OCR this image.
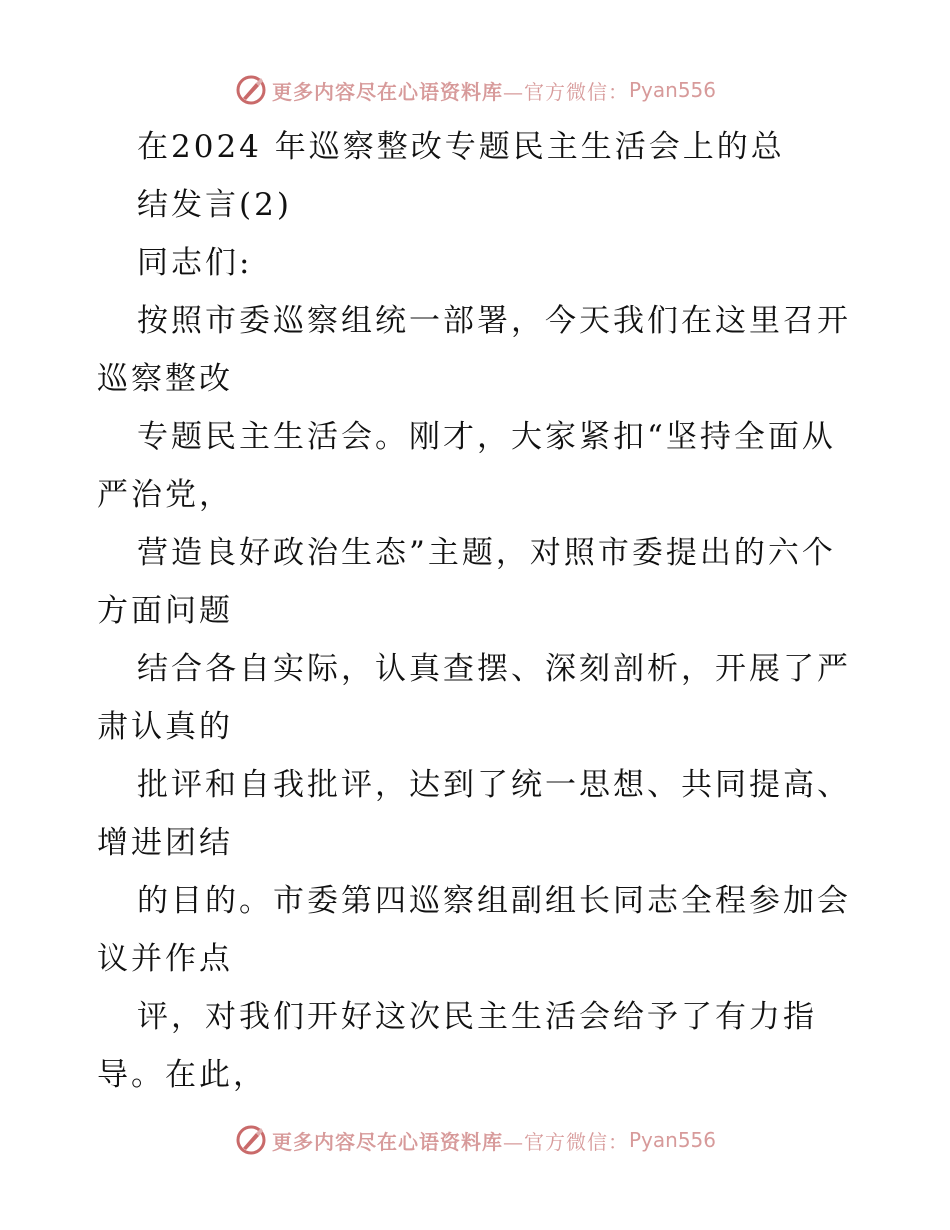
更多内容尽在心语资料库 —官方微信： Pyan556
在2024 年巡察整改专题民主生活会上的总
结发言(2)
同志们:
按照市委巡察组统一部署，今天我们在这里召开
巡察整改
专题民主生活会。刚才，大家紧扣“坚持全面从
严治党，
营造良好政治生态”主题，对照市委提出的六个
方面问题
结合各自实际，认真查摆、深刻剖析，开展了严
肃认真的
批评和自我批评，达到了统一思想、共同提高、
增进团结
的目的。市委第四巡察组副组长同志全程参加会
议并作点
评，对我们开好这次民主生活会给予了有力指
导。在此，
更多内容尽在心语资料库 —官方微信： Pyan556
